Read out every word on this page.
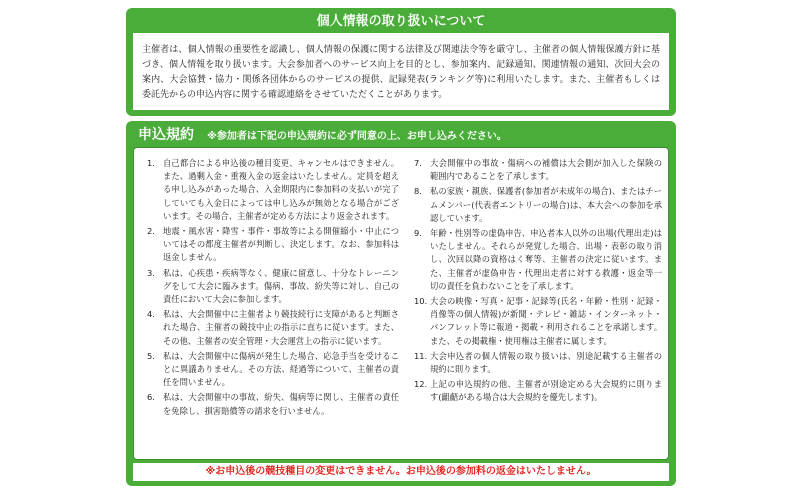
個人情報の取り扱いについて
主催者は、個人情報の重要性を認識し、個人情報の保護に関する法律及び関連法令等を厳守し、主催者の個人情報保護方針に基づき、個人情報を取り扱います。大会参加者へのサービス向上を目的とし、参加案内、記録通知、関連情報の通知、次回大会の案内、大会協賛・協力・関係各団体からのサービスの提供、記録発表(ランキング等)に利用いたします。また、主催者もしくは委託先からの申込内容に関する確認連絡をさせていただくことがあります。
申込規約 ※参加者は下記の申込規約に必ず同意の上、お申し込みください。
1. 自己都合による申込後の種目変更、キャンセルはできません。また、過剰入金・重複入金の返金はいたしません。定員を超える申し込みがあった場合、入金期限内に参加料の支払いが完了していても入金日によっては申し込みが無効となる場合がございます。その場合、主催者が定める方法により返金されます。
2. 地震・風水害・降雪・事件・事故等による開催縮小・中止についてはその都度主催者が判断し、決定します。なお、参加料は返金しません。
3. 私は、心疾患・疾病等なく、健康に留意し、十分なトレーニングをして大会に臨みます。傷病、事故、紛失等に対し、自己の責任において大会に参加します。
4. 私は、大会開催中に主催者より競技続行に支障があると判断された場合、主催者の競技中止の指示に直ちに従います。また、その他、主催者の安全管理・大会運営上の指示に従います。
5. 私は、大会開催中に傷病が発生した場合、応急手当を受けることに異議ありません。その方法、経過等について、主催者の責任を問いません。
6. 私は、大会開催中の事故、紛失、傷病等に関し、主催者の責任を免除し、損害賠償等の請求を行いません。
7. 大会開催中の事故・傷病への補償は大会側が加入した保険の範囲内であることを了承します。
8. 私の家族・親族、保護者(参加者が未成年の場合)、またはチームメンバー(代表者エントリーの場合)は、本大会への参加を承認しています。
9. 年齢・性別等の虚偽申告、申込者本人以外の出場(代理出走)はいたしません。それらが発覚した場合、出場・表彰の取り消し、次回以降の資格はく奪等、主催者の決定に従います。また、主催者が虚偽申告・代理出走者に対する救護・返金等一切の責任を負わないことを了承します。
10. 大会の映像・写真・記事・記録等(氏名・年齢・性別・記録・肖像等の個人情報)が新聞・テレビ・雑誌・インターネット・パンフレット等に報道・掲載・利用されることを承諾します。また、その掲載権・使用権は主催者に属します。
11. 大会申込者の個人情報の取り扱いは、別途記載する主催者の規約に則ります。
12. 上記の申込規約の他、主催者が別途定める大会規約に則ります(齟齬がある場合は大会規約を優先します)。
※お申込後の競技種目の変更はできません。お申込後の参加料の返金はいたしません。
